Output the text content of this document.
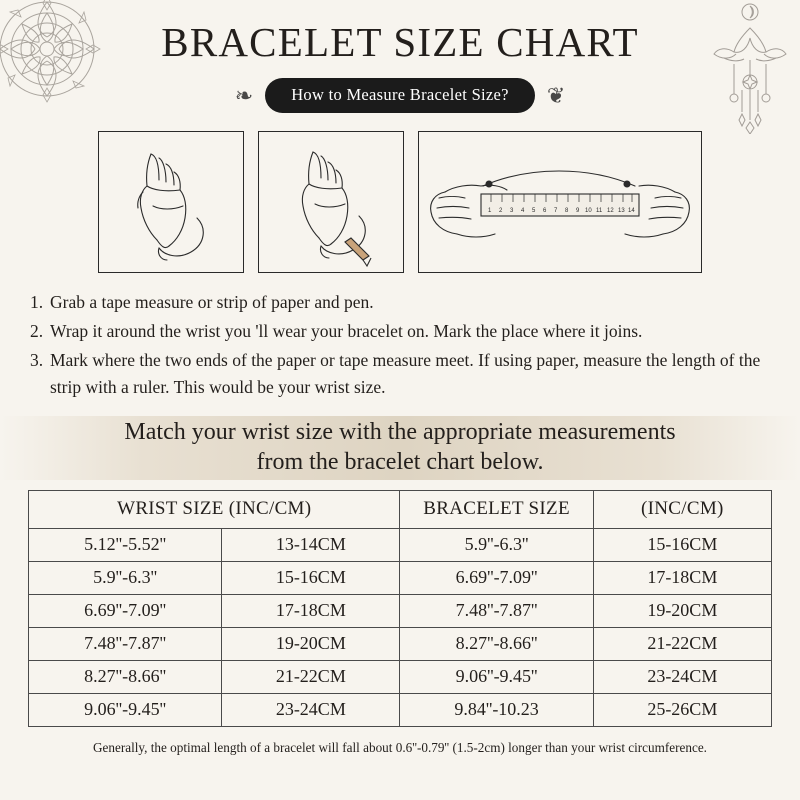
BRACELET SIZE CHART
❧	How to Measure Bracelet Size?	❦
1 2 3 4 5 6 7 8 9 10 11 12 13 14
1. Grab a tape measure or strip of paper and pen.
2. Wrap it around the wrist you 'll wear your bracelet on. Mark the place where it joins.
3. Mark where the two ends of the paper or tape measure meet. If using paper, measure the length of the strip with a ruler. This would be your wrist size.
Match your wrist size with the appropriate measurements
from the bracelet chart below.
WRIST SIZE (INC/CM)		BRACELET SIZE	(INC/CM)
5.12''-5.52''	13-14CM	5.9''-6.3''	15-16CM
5.9''-6.3''	15-16CM	6.69''-7.09''	17-18CM
6.69''-7.09''	17-18CM	7.48''-7.87''	19-20CM
7.48''-7.87''	19-20CM	8.27''-8.66''	21-22CM
8.27''-8.66''	21-22CM	9.06''-9.45''	23-24CM
9.06''-9.45''	23-24CM	9.84''-10.23	25-26CM
Generally, the optimal length of a bracelet will fall about 0.6''-0.79'' (1.5-2cm) longer than your wrist circumference.
